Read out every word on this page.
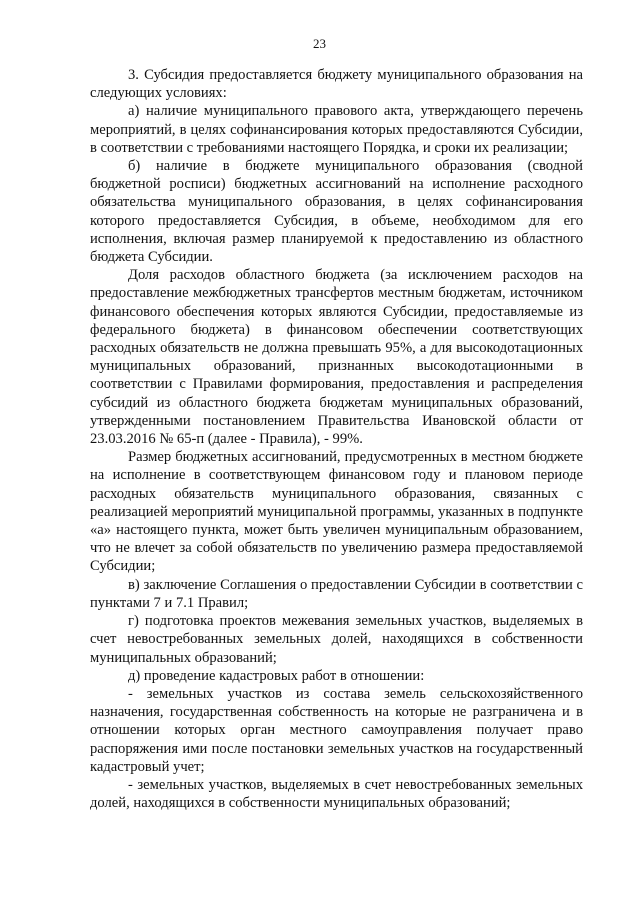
23

3. Субсидия предоставляется бюджету муниципального образования на следующих условиях:

а) наличие муниципального правового акта, утверждающего перечень мероприятий, в целях софинансирования которых предоставляются Субсидии, в соответствии с требованиями настоящего Порядка, и сроки их реализации;

б) наличие в бюджете муниципального образования (сводной бюджетной росписи) бюджетных ассигнований на исполнение расходного обязательства муниципального образования, в целях софинансирования которого предоставляется Субсидия, в объеме, необходимом для его исполнения, включая размер планируемой к предоставлению из областного бюджета Субсидии.

Доля расходов областного бюджета (за исключением расходов на предоставление межбюджетных трансфертов местным бюджетам, источником финансового обеспечения которых являются Субсидии, предоставляемые из федерального бюджета) в финансовом обеспечении соответствующих расходных обязательств не должна превышать 95%, а для высокодотационных муниципальных образований, признанных высокодотационными в соответствии с Правилами формирования, предоставления и распределения субсидий из областного бюджета бюджетам муниципальных образований, утвержденными постановлением Правительства Ивановской области от 23.03.2016 № 65-п (далее - Правила), - 99%.

Размер бюджетных ассигнований, предусмотренных в местном бюджете на исполнение в соответствующем финансовом году и плановом периоде расходных обязательств муниципального образования, связанных с реализацией мероприятий муниципальной программы, указанных в подпункте «а» настоящего пункта, может быть увеличен муниципальным образованием, что не влечет за собой обязательств по увеличению размера предоставляемой Субсидии;

в) заключение Соглашения о предоставлении Субсидии в соответствии с пунктами 7 и 7.1 Правил;

г) подготовка проектов межевания земельных участков, выделяемых в счет невостребованных земельных долей, находящихся в собственности муниципальных образований;

д) проведение кадастровых работ в отношении:

- земельных участков из состава земель сельскохозяйственного назначения, государственная собственность на которые не разграничена и в отношении которых орган местного самоуправления получает право распоряжения ими после постановки земельных участков на государственный кадастровый учет;

- земельных участков, выделяемых в счет невостребованных земельных долей, находящихся в собственности муниципальных образований;
